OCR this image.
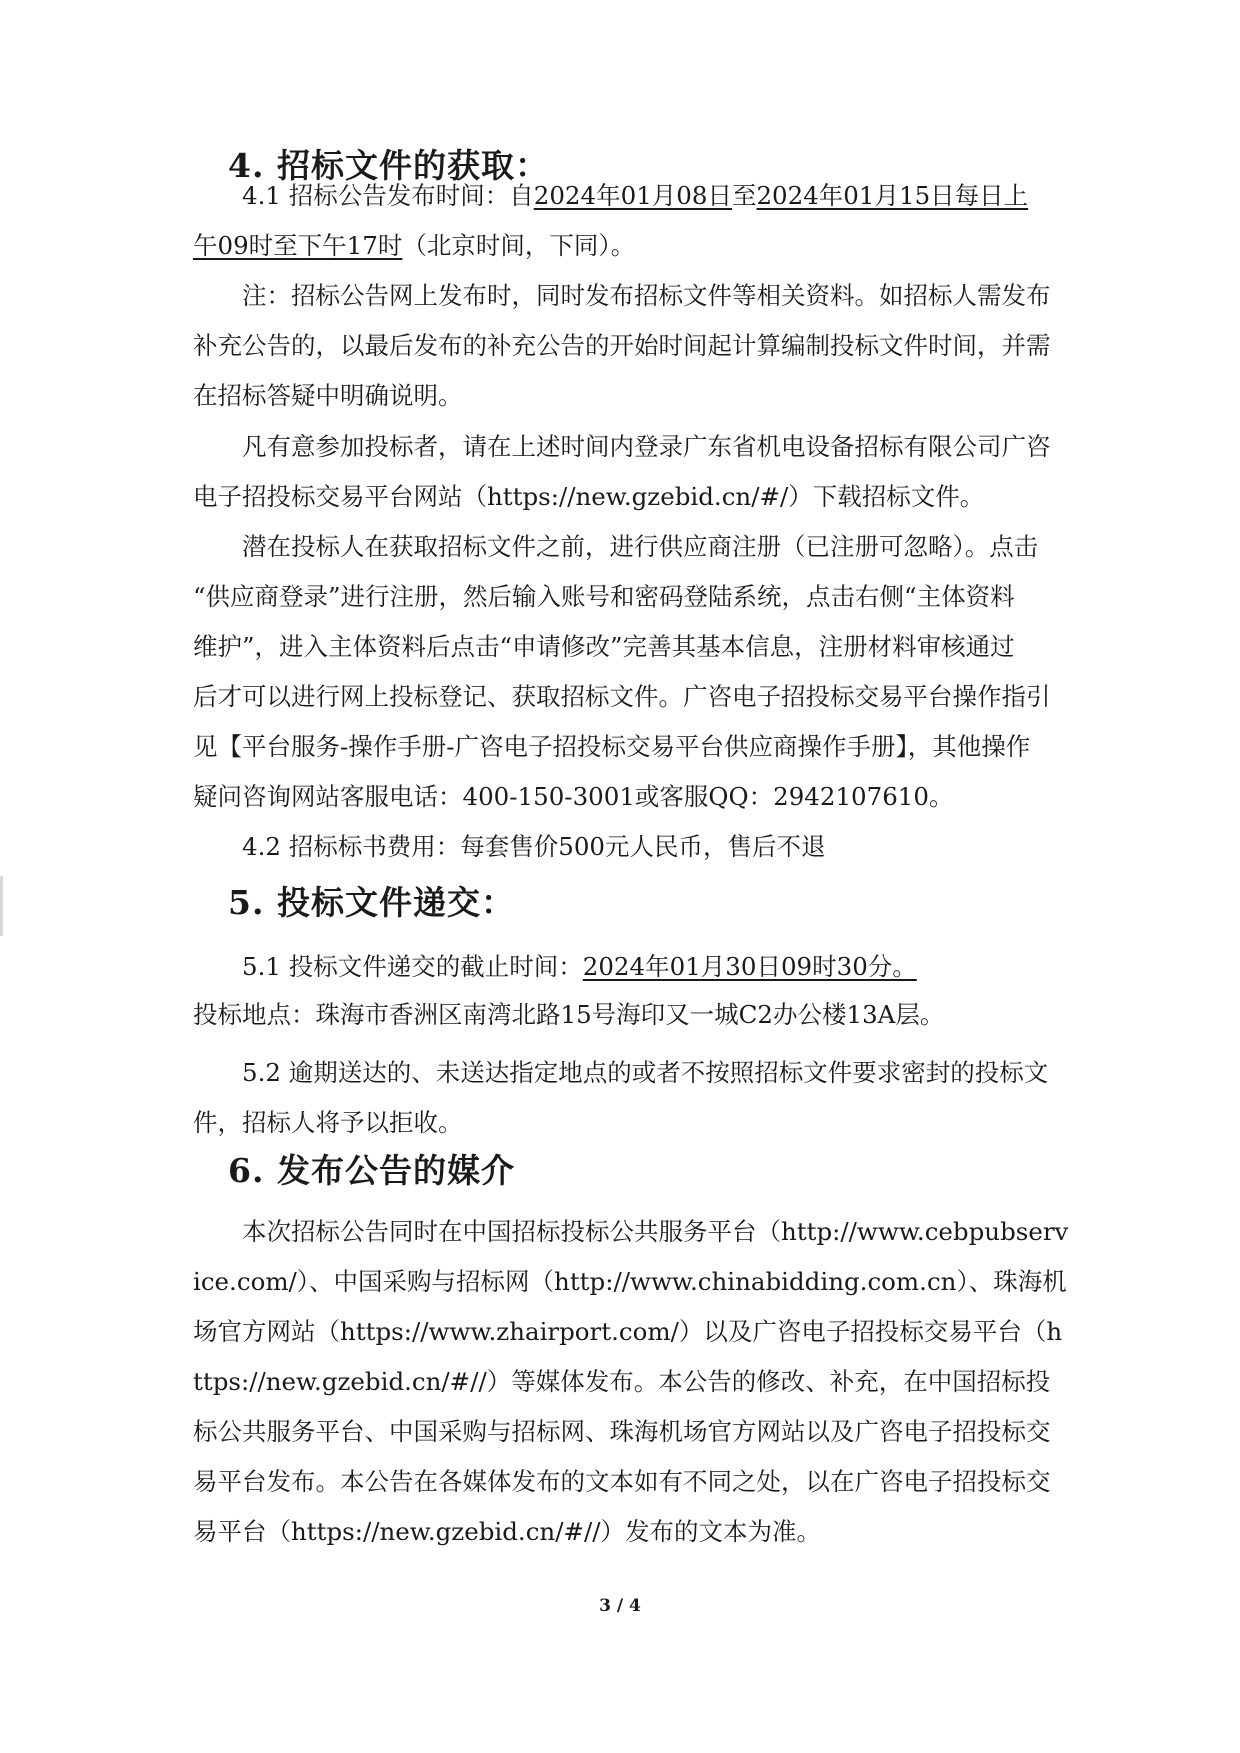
4. 招标文件的获取：
4.1 招标公告发布时间：自2024年01月08日至2024年01月15日每日上
午09时至下午17时（北京时间，下同）。
注：招标公告网上发布时，同时发布招标文件等相关资料。如招标人需发布
补充公告的，以最后发布的补充公告的开始时间起计算编制投标文件时间，并需
在招标答疑中明确说明。
凡有意参加投标者，请在上述时间内登录广东省机电设备招标有限公司广咨
电子招投标交易平台网站（https://new.gzebid.cn/#/）下载招标文件。
潜在投标人在获取招标文件之前，进行供应商注册（已注册可忽略）。点击
“供应商登录”进行注册，然后输入账号和密码登陆系统，点击右侧“主体资料
维护”，进入主体资料后点击“申请修改”完善其基本信息，注册材料审核通过
后才可以进行网上投标登记、获取招标文件。广咨电子招投标交易平台操作指引
见【平台服务-操作手册-广咨电子招投标交易平台供应商操作手册】，其他操作
疑问咨询网站客服电话：400-150-3001或客服QQ：2942107610。
4.2 招标标书费用：每套售价500元人民币，售后不退
5. 投标文件递交：
5.1 投标文件递交的截止时间：2024年01月30日09时30分。
投标地点：珠海市香洲区南湾北路15号海印又一城C2办公楼13A层。
5.2 逾期送达的、未送达指定地点的或者不按照招标文件要求密封的投标文
件，招标人将予以拒收。
6. 发布公告的媒介
本次招标公告同时在中国招标投标公共服务平台（http://www.cebpubserv
ice.com/）、中国采购与招标网（http://www.chinabidding.com.cn）、珠海机
场官方网站（https://www.zhairport.com/）以及广咨电子招投标交易平台（h
ttps://new.gzebid.cn/#//）等媒体发布。本公告的修改、补充，在中国招标投
标公共服务平台、中国采购与招标网、珠海机场官方网站以及广咨电子招投标交
易平台发布。本公告在各媒体发布的文本如有不同之处，以在广咨电子招投标交
易平台（https://new.gzebid.cn/#//）发布的文本为准。
3 / 4
